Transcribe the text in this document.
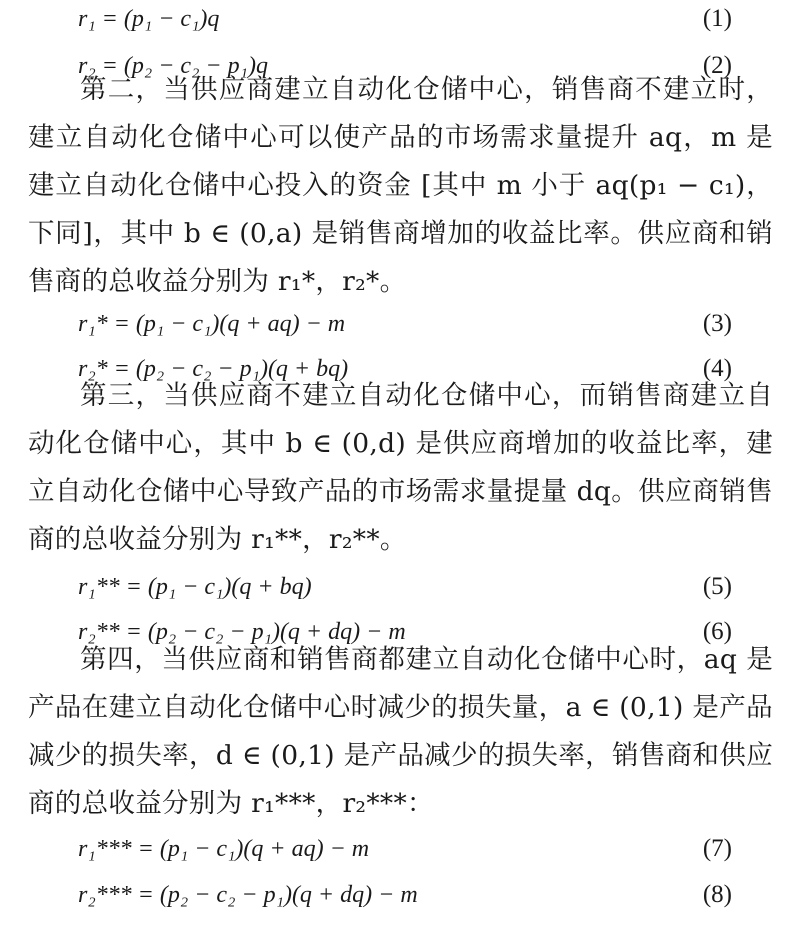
r₁ = (p₁ − c₁)q	(1)
r₂ = (p₂ − c₂ − p₁)q	(2)

第二，当供应商建立自动化仓储中心，销售商不建立时，建立自动化仓储中心可以使产品的市场需求量提升 aq，m 是建立自动化仓储中心投入的资金 [其中 m 小于 aq(p₁ − c₁)，下同]，其中 b ∈ (0,a) 是销售商增加的收益比率。供应商和销售商的总收益分别为 r₁*，r₂*。

r₁* = (p₁ − c₁)(q + aq) − m	(3)
r₂* = (p₂ − c₂ − p₁)(q + bq)	(4)

第三，当供应商不建立自动化仓储中心，而销售商建立自动化仓储中心，其中 b ∈ (0,d) 是供应商增加的收益比率，建立自动化仓储中心导致产品的市场需求量提量 dq。供应商销售商的总收益分别为 r₁**，r₂**。

r₁** = (p₁ − c₁)(q + bq)	(5)
r₂** = (p₂ − c₂ − p₁)(q + dq) − m	(6)

第四，当供应商和销售商都建立自动化仓储中心时，aq 是产品在建立自动化仓储中心时减少的损失量，a ∈ (0,1) 是产品减少的损失率，d ∈ (0,1) 是产品减少的损失率，销售商和供应商的总收益分别为 r₁***，r₂***：

r₁*** = (p₁ − c₁)(q + aq) − m	(7)
r₂*** = (p₂ − c₂ − p₁)(q + dq) − m	(8)
